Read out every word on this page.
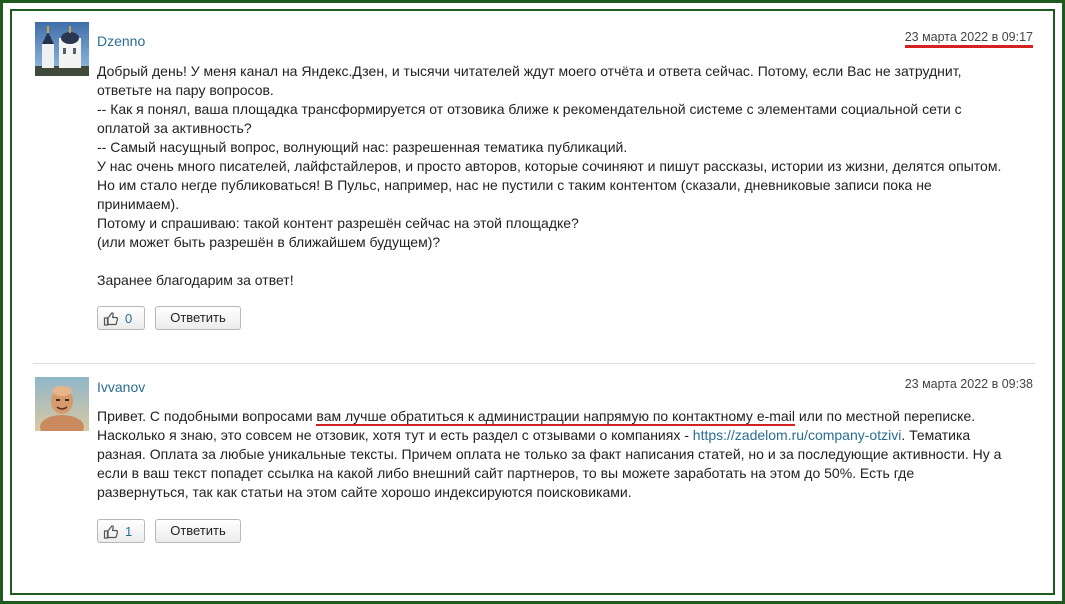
Dzenno	23 марта 2022 в 09:17

Добрый день! У меня канал на Яндекс.Дзен, и тысячи читателей ждут моего отчёта и ответа сейчас. Потому, если Вас не затруднит,

ответьте на пару вопросов.

-- Как я понял, ваша площадка трансформируется от отзовика ближе к рекомендательной системе с элементами социальной сети с

оплатой за активность?

-- Самый насущный вопрос, волнующий нас: разрешенная тематика публикаций.

У нас очень много писателей, лайфстайлеров, и просто авторов, которые сочиняют и пишут рассказы, истории из жизни, делятся опытом.

Но им стало негде публиковаться! В Пульс, например, нас не пустили с таким контентом (сказали, дневниковые записи пока не

принимаем).

Потому и спрашиваю: такой контент разрешён сейчас на этой площадке?

(или может быть разрешён в ближайшем будущем)?

Заранее благодарим за ответ!

0	Ответить
Ivvanov	23 марта 2022 в 09:38

Привет. С подобными вопросами вам лучше обратиться к администрации напрямую по контактному e-mail или по местной переписке.

Насколько я знаю, это совсем не отзовик, хотя тут и есть раздел с отзывами о компаниях - https://zadelom.ru/company-otzivi. Тематика

разная. Оплата за любые уникальные тексты. Причем оплата не только за факт написания статей, но и за последующие активности. Ну а

если в ваш текст попадет ссылка на какой либо внешний сайт партнеров, то вы можете заработать на этом до 50%. Есть где

развернуться, так как статьи на этом сайте хорошо индексируются поисковиками.

1	Ответить
